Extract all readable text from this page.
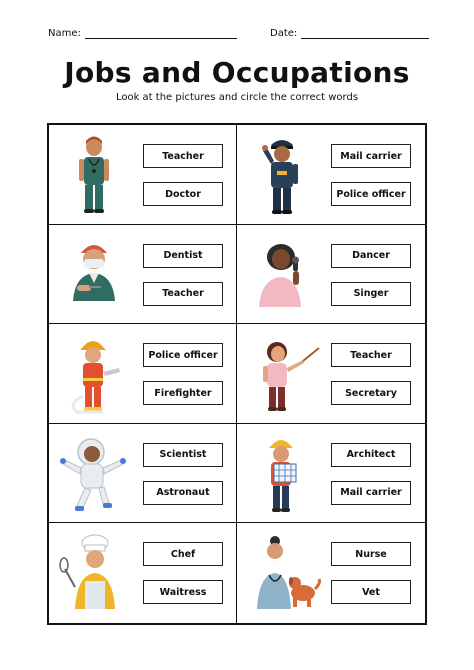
Name:	Date:
Jobs and Occupations
Look at the pictures and circle the correct words
Teacher
Doctor
Mail carrier
Police officer
Dentist
Teacher
Dancer
Singer
Police officer
Firefighter
Teacher
Secretary
Scientist
Astronaut
Architect
Mail carrier
Chef
Waitress
Nurse
Vet
